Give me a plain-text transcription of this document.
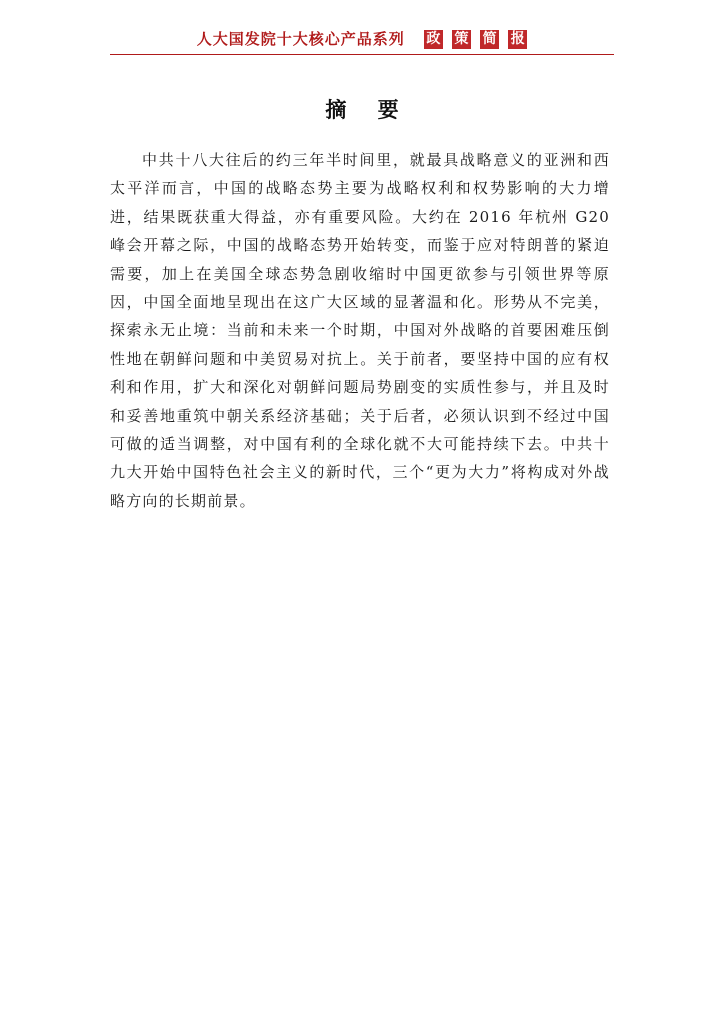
人大国发院十大核心产品系列 政 策 简 报
摘 要

中共十八大往后的约三年半时间里，就最具战略意义的亚洲和西太平洋而言，中国的战略态势主要为战略权利和权势影响的大力增进，结果既获重大得益，亦有重要风险。大约在 2016 年杭州 G20 峰会开幕之际，中国的战略态势开始转变，而鉴于应对特朗普的紧迫需要，加上在美国全球态势急剧收缩时中国更欲参与引领世界等原因，中国全面地呈现出在这广大区域的显著温和化。形势从不完美，探索永无止境：当前和未来一个时期，中国对外战略的首要困难压倒性地在朝鲜问题和中美贸易对抗上。关于前者，要坚持中国的应有权利和作用，扩大和深化对朝鲜问题局势剧变的实质性参与，并且及时和妥善地重筑中朝关系经济基础；关于后者，必须认识到不经过中国可做的适当调整，对中国有利的全球化就不大可能持续下去。中共十九大开始中国特色社会主义的新时代，三个“更为大力”将构成对外战略方向的长期前景。
